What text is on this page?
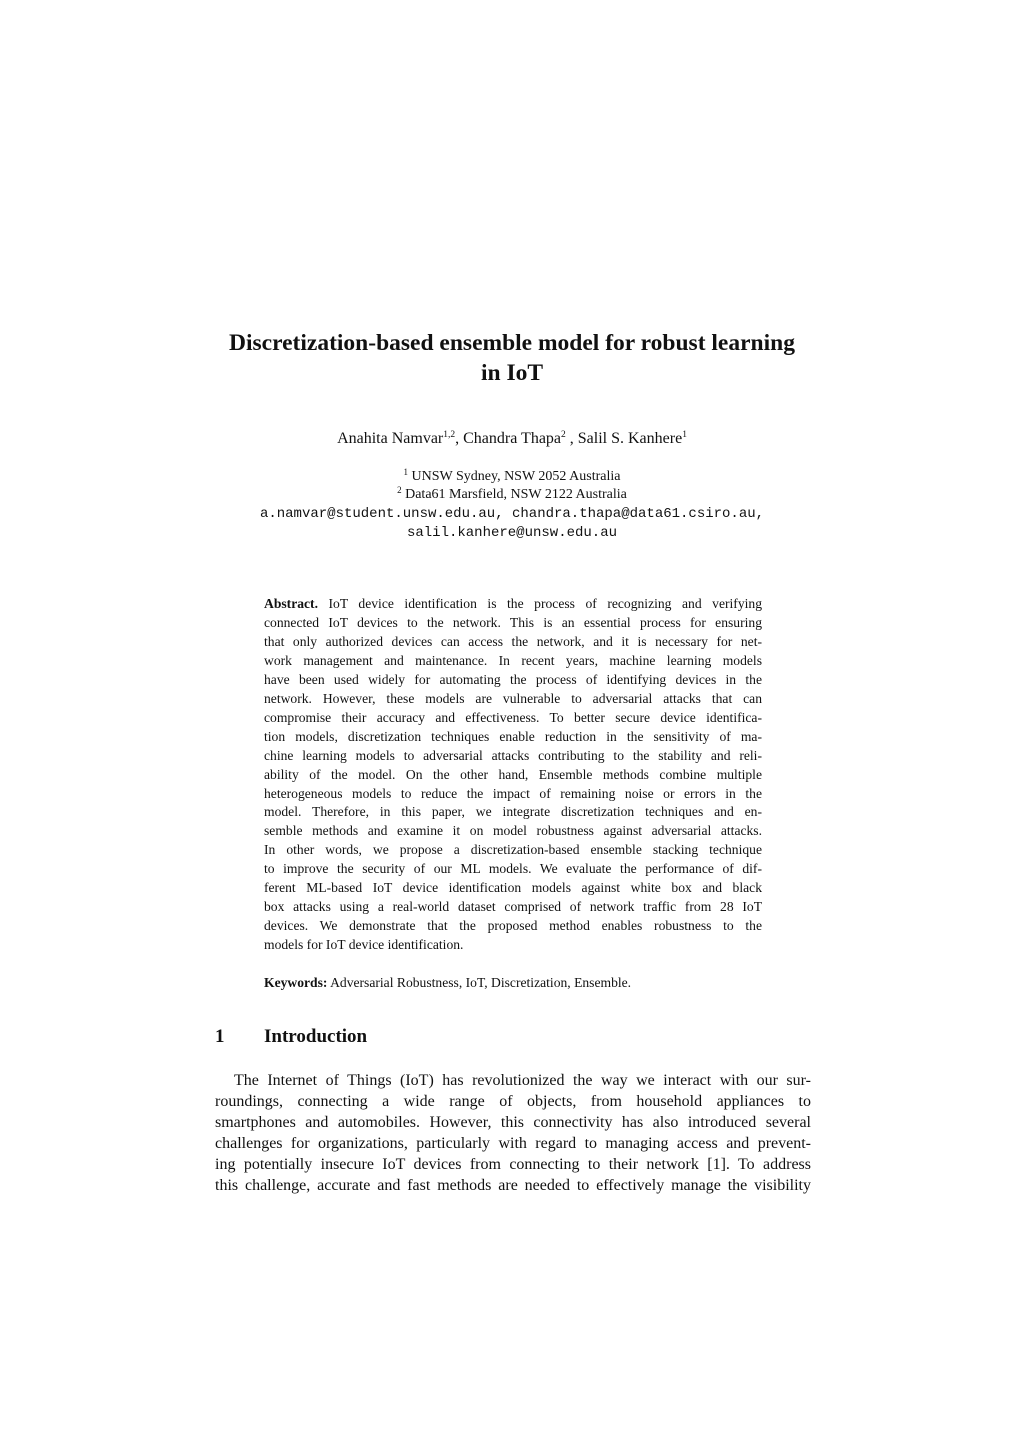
Discretization-based ensemble model for robust learning
in IoT
Anahita Namvar$^{1,2}$, Chandra Thapa$^2$ , Salil S. Kanhere$^1$
$^1$ UNSW Sydney, NSW 2052 Australia
$^2$ Data61 Marsfield, NSW 2122 Australia
a.namvar@student.unsw.edu.au, chandra.thapa@data61.csiro.au,
salil.kanhere@unsw.edu.au
Abstract. IoT device identification is the process of recognizing and verifying
connected IoT devices to the network. This is an essential process for ensuring
that only authorized devices can access the network, and it is necessary for net-
work management and maintenance. In recent years, machine learning models
have been used widely for automating the process of identifying devices in the
network. However, these models are vulnerable to adversarial attacks that can
compromise their accuracy and effectiveness. To better secure device identifica-
tion models, discretization techniques enable reduction in the sensitivity of ma-
chine learning models to adversarial attacks contributing to the stability and reli-
ability of the model. On the other hand, Ensemble methods combine multiple
heterogeneous models to reduce the impact of remaining noise or errors in the
model. Therefore, in this paper, we integrate discretization techniques and en-
semble methods and examine it on model robustness against adversarial attacks.
In other words, we propose a discretization-based ensemble stacking technique
to improve the security of our ML models. We evaluate the performance of dif-
ferent ML-based IoT device identification models against white box and black
box attacks using a real-world dataset comprised of network traffic from 28 IoT
devices. We demonstrate that the proposed method enables robustness to the
models for IoT device identification.

Keywords: Adversarial Robustness, IoT, Discretization, Ensemble.

1 Introduction
The Internet of Things (IoT) has revolutionized the way we interact with our sur-
roundings, connecting a wide range of objects, from household appliances to
smartphones and automobiles. However, this connectivity has also introduced several
challenges for organizations, particularly with regard to managing access and prevent-
ing potentially insecure IoT devices from connecting to their network [1]. To address
this challenge, accurate and fast methods are needed to effectively manage the visibility
